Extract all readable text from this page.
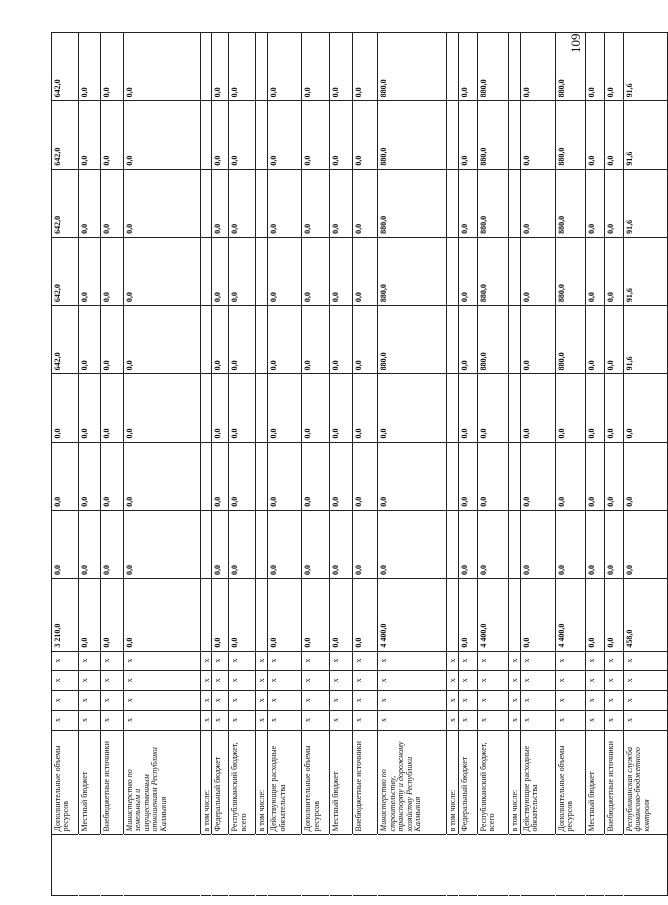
109
	Дополнительные объемы ресурсов	x	x	x	x	3 210,0	0,0	0,0	0,0	642,0	642,0	642,0	642,0	642,0
	Местный бюджет	x	x	x	x	0,0	0,0	0,0	0,0	0,0	0,0	0,0	0,0	0,0
	Внебюджетные источники	x	x	x	x	0,0	0,0	0,0	0,0	0,0	0,0	0,0	0,0	0,0
	Министерство по земельным и имущественным отношениям Республики Калмыкия	x	x	x	x	0,0	0,0	0,0	0,0	0,0	0,0	0,0	0,0	0,0
	в том числе:	x	x	x	x									
	Федеральный бюджет	x	x	x	x	0,0	0,0	0,0	0,0	0,0	0,0	0,0	0,0	0,0
	Республиканский бюджет, всего	x	x	x	x	0,0	0,0	0,0	0,0	0,0	0,0	0,0	0,0	0,0
	в том числе:	x	x	x	x									
	Действующие расходные обязательства	x	x	x	x	0,0	0,0	0,0	0,0	0,0	0,0	0,0	0,0	0,0
	Дополнительные объемы ресурсов	x	x	x	x	0,0	0,0	0,0	0,0	0,0	0,0	0,0	0,0	0,0
	Местный бюджет	x	x	x	x	0,0	0,0	0,0	0,0	0,0	0,0	0,0	0,0	0,0
	Внебюджетные источники	x	x	x	x	0,0	0,0	0,0	0,0	0,0	0,0	0,0	0,0	0,0
	Министерство по строительству, транспорту и дорожному хозяйству Республики Калмыкия	x	x	x	x	4 400,0	0,0	0,0	0,0	880,0	880,0	880,0	880,0	880,0
	в том числе:	x	x	x	x									
	Федеральный бюджет	x	x	x	x	0,0	0,0	0,0	0,0	0,0	0,0	0,0	0,0	0,0
	Республиканский бюджет, всего	x	x	x	x	4 400,0	0,0	0,0	0,0	880,0	880,0	880,0	880,0	880,0
	в том числе:	x	x	x	x									
	Действующие расходные обязательства	x	x	x	x	0,0	0,0	0,0	0,0	0,0	0,0	0,0	0,0	0,0
	Дополнительные объемы ресурсов	x	x	x	x	4 400,0	0,0	0,0	0,0	880,0	880,0	880,0	880,0	880,0
	Местный бюджет	x	x	x	x	0,0	0,0	0,0	0,0	0,0	0,0	0,0	0,0	0,0
	Внебюджетные источники	x	x	x	x	0,0	0,0	0,0	0,0	0,0	0,0	0,0	0,0	0,0
	Республиканская служба финансово-бюджетного контроля	x	x	x	x	458,0	0,0	0,0	0,0	91,6	91,6	91,6	91,6	91,6
